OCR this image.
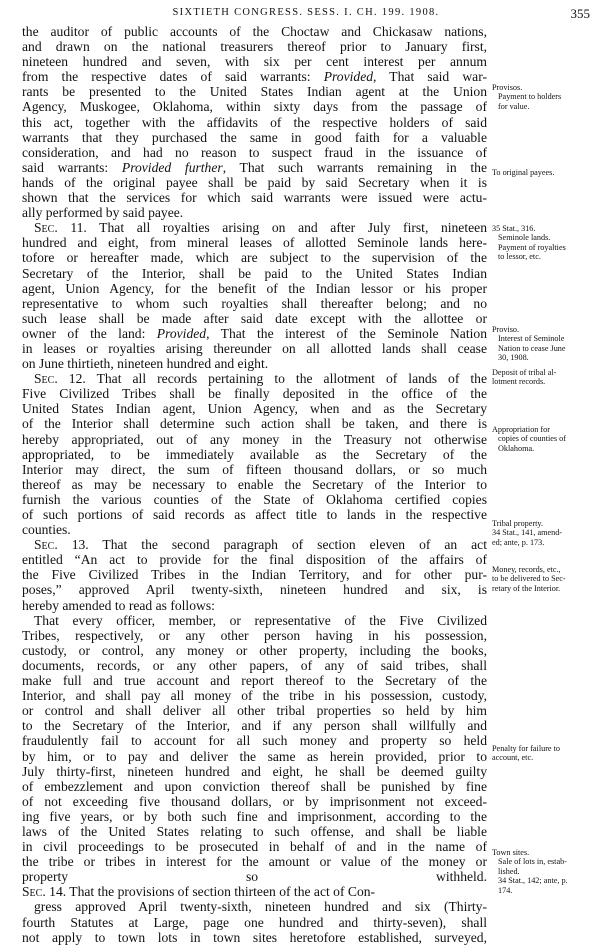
SIXTIETH CONGRESS. SESS. I. CH. 199. 1908.	355
the auditor of public accounts of the Choctaw and Chickasaw nations,
and drawn on the national treasurers thereof prior to January first,
nineteen hundred and seven, with six per cent interest per annum
from the respective dates of said warrants: Provided, That said war-
rants be presented to the United States Indian agent at the Union
Agency, Muskogee, Oklahoma, within sixty days from the passage of
this act, together with the affidavits of the respective holders of said
warrants that they purchased the same in good faith for a valuable
consideration, and had no reason to suspect fraud in the issuance of
said warrants: Provided further, That such warrants remaining in the
hands of the original payee shall be paid by said Secretary when it is
shown that the services for which said warrants were issued were actu-
ally performed by said payee.
Sec. 11. That all royalties arising on and after July first, nineteen
hundred and eight, from mineral leases of allotted Seminole lands here-
tofore or hereafter made, which are subject to the supervision of the
Secretary of the Interior, shall be paid to the United States Indian
agent, Union Agency, for the benefit of the Indian lessor or his proper
representative to whom such royalties shall thereafter belong; and no
such lease shall be made after said date except with the allottee or
owner of the land: Provided, That the interest of the Seminole Nation
in leases or royalties arising thereunder on all allotted lands shall cease
on June thirtieth, nineteen hundred and eight.
Sec. 12. That all records pertaining to the allotment of lands of the
Five Civilized Tribes shall be finally deposited in the office of the
United States Indian agent, Union Agency, when and as the Secretary
of the Interior shall determine such action shall be taken, and there is
hereby appropriated, out of any money in the Treasury not otherwise
appropriated, to be immediately available as the Secretary of the
Interior may direct, the sum of fifteen thousand dollars, or so much
thereof as may be necessary to enable the Secretary of the Interior to
furnish the various counties of the State of Oklahoma certified copies
of such portions of said records as affect title to lands in the respective
counties.
Sec. 13. That the second paragraph of section eleven of an act
entitled “An act to provide for the final disposition of the affairs of
the Five Civilized Tribes in the Indian Territory, and for other pur-
poses,” approved April twenty-sixth, nineteen hundred and six, is
hereby amended to read as follows:
That every officer, member, or representative of the Five Civilized
Tribes, respectively, or any other person having in his possession,
custody, or control, any money or other property, including the books,
documents, records, or any other papers, of any of said tribes, shall
make full and true account and report thereof to the Secretary of the
Interior, and shall pay all money of the tribe in his possession, custody,
or control and shall deliver all other tribal properties so held by him
to the Secretary of the Interior, and if any person shall willfully and
fraudulently fail to account for all such money and property so held
by him, or to pay and deliver the same as herein provided, prior to
July thirty-first, nineteen hundred and eight, he shall be deemed guilty
of embezzlement and upon conviction thereof shall be punished by fine
of not exceeding five thousand dollars, or by imprisonment not exceed-
ing five years, or by both such fine and imprisonment, according to the
laws of the United States relating to such offense, and shall be liable
in civil proceedings to be prosecuted in behalf of and in the name of
the tribe or tribes in interest for the amount or value of the money or
property so withheld.
Sec. 14. That the provisions of section thirteen of the act of Con-
gress approved April twenty-sixth, nineteen hundred and six (Thirty-
fourth Statutes at Large, page one hundred and thirty-seven), shall
not apply to town lots in town sites heretofore established, surveyed,
Provisos.
Payment to holders
for value.
To original payees.
35 Stat., 316.
Seminole lands.
Payment of royalties
to lessor, etc.
Proviso.
Interest of Seminole
Nation to cease June
30, 1908.
Deposit of tribal al-
lotment records.
Appropriation for
copies of counties of
Oklahoma.
Tribal property.
34 Stat., 141, amend-
ed; ante, p. 173.
Money, records, etc.,
to be delivered to Sec-
retary of the Interior.
Penalty for failure to
account, etc.
Town sites.
Sale of lots in, estab-
lished.
34 Stat., 142; ante, p.
174.
